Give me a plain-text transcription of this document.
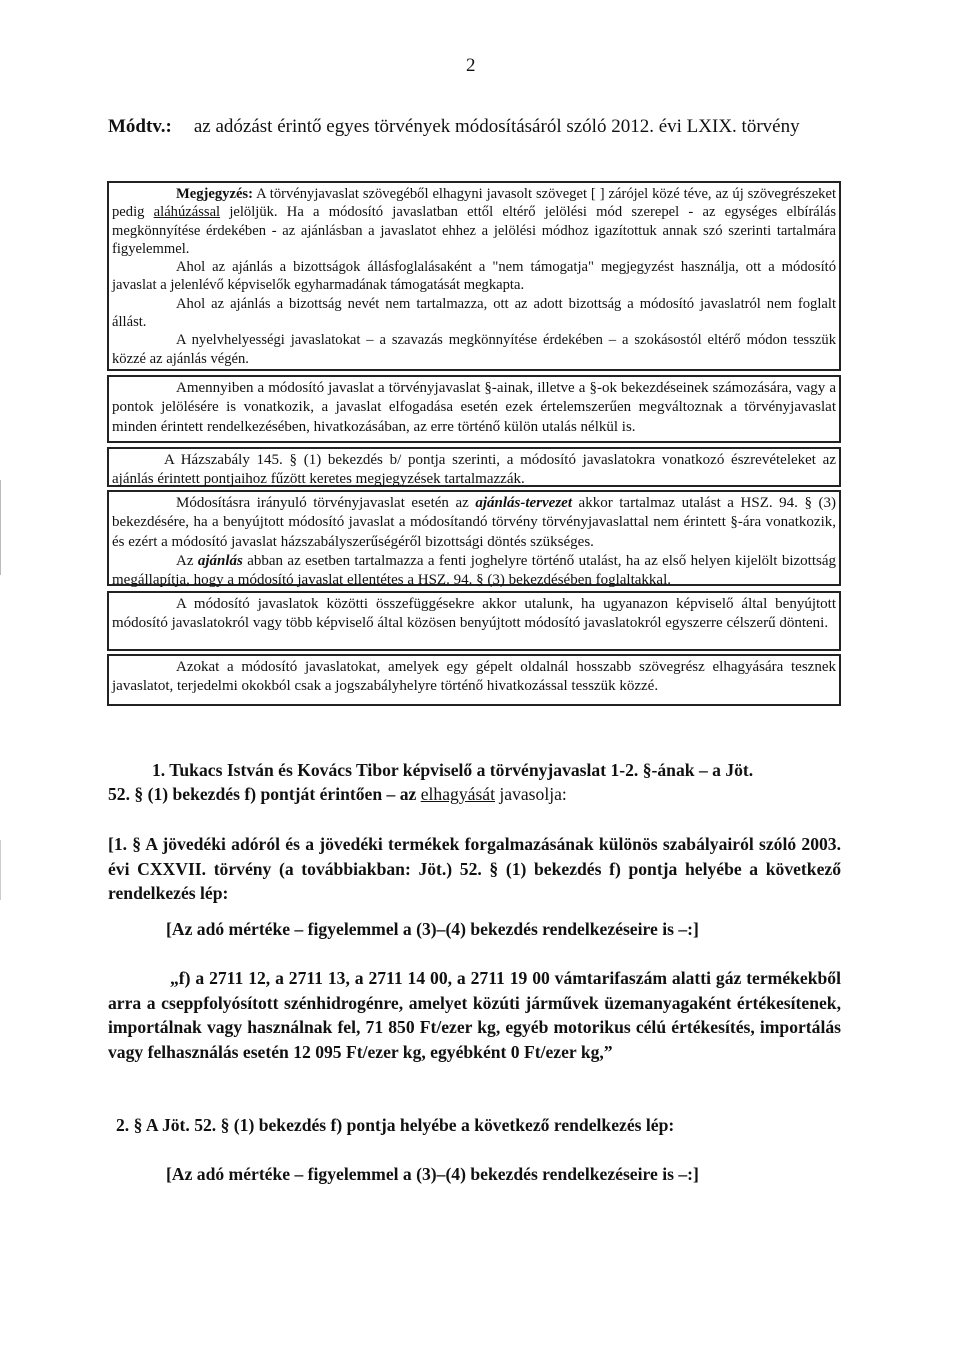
2
Módtv.: az adózást érintő egyes törvények módosításáról szóló 2012. évi LXIX. törvény

Megjegyzés: A törvényjavaslat szövegéből elhagyni javasolt szöveget [ ] zárójel közé téve, az új szövegrészeket pedig aláhúzással jelöljük. Ha a módosító javaslatban ettől eltérő jelölési mód szerepel - az egységes elbírálás megkönnyítése érdekében - az ajánlásban a javaslatot ehhez a jelölési módhoz igazítottuk annak szó szerinti tartalmára figyelemmel.

Ahol az ajánlás a bizottságok állásfoglalásaként a "nem támogatja" megjegyzést használja, ott a módosító javaslat a jelenlévő képviselők egyharmadának támogatását megkapta.

Ahol az ajánlás a bizottság nevét nem tartalmazza, ott az adott bizottság a módosító javaslatról nem foglalt állást.

A nyelvhelyességi javaslatokat – a szavazás megkönnyítése érdekében – a szokásostól eltérő módon tesszük közzé az ajánlás végén.

Amennyiben a módosító javaslat a törvényjavaslat §-ainak, illetve a §-ok bekezdéseinek számozására, vagy a pontok jelölésére is vonatkozik, a javaslat elfogadása esetén ezek értelemszerűen megváltoznak a törvényjavaslat minden érintett rendelkezésében, hivatkozásában, az erre történő külön utalás nélkül is.

A Házszabály 145. § (1) bekezdés b/ pontja szerinti, a módosító javaslatokra vonatkozó észrevételeket az ajánlás érintett pontjaihoz fűzött keretes megjegyzések tartalmazzák.

Módosításra irányuló törvényjavaslat esetén az ajánlás-tervezet akkor tartalmaz utalást a HSZ. 94. § (3) bekezdésére, ha a benyújtott módosító javaslat a módosítandó törvény törvényjavaslattal nem érintett §-ára vonatkozik, és ezért a módosító javaslat házszabályszerűségéről bizottsági döntés szükséges.

Az ajánlás abban az esetben tartalmazza a fenti joghelyre történő utalást, ha az első helyen kijelölt bizottság megállapítja, hogy a módosító javaslat ellentétes a HSZ. 94. § (3) bekezdésében foglaltakkal.

A módosító javaslatok közötti összefüggésekre akkor utalunk, ha ugyanazon képviselő által benyújtott módosító javaslatokról vagy több képviselő által közösen benyújtott módosító javaslatokról egyszerre célszerű dönteni.

Azokat a módosító javaslatokat, amelyek egy gépelt oldalnál hosszabb szövegrész elhagyására tesznek javaslatot, terjedelmi okokból csak a jogszabályhelyre történő hivatkozással tesszük közzé.

1. Tukacs István és Kovács Tibor képviselő a törvényjavaslat 1-2. §-ának – a Jöt.
52. § (1) bekezdés f) pontját érintően – az elhagyását javasolja:
[1. § A jövedéki adóról és a jövedéki termékek forgalmazásának különös szabályairól szóló 2003. évi CXXVII. törvény (a továbbiakban: Jöt.) 52. § (1) bekezdés f) pontja helyébe a következő rendelkezés lép:
[Az adó mértéke – figyelemmel a (3)–(4) bekezdés rendelkezéseire is –:]
„f) a 2711 12, a 2711 13, a 2711 14 00, a 2711 19 00 vámtarifaszám alatti gáz termékekből arra a cseppfolyósított szénhidrogénre, amelyet közúti járművek üzemanyagaként értékesítenek, importálnak vagy használnak fel, 71 850 Ft/ezer kg, egyéb motorikus célú értékesítés, importálás vagy felhasználás esetén 12 095 Ft/ezer kg, egyébként 0 Ft/ezer kg,”
2. § A Jöt. 52. § (1) bekezdés f) pontja helyébe a következő rendelkezés lép:
[Az adó mértéke – figyelemmel a (3)–(4) bekezdés rendelkezéseire is –:]
